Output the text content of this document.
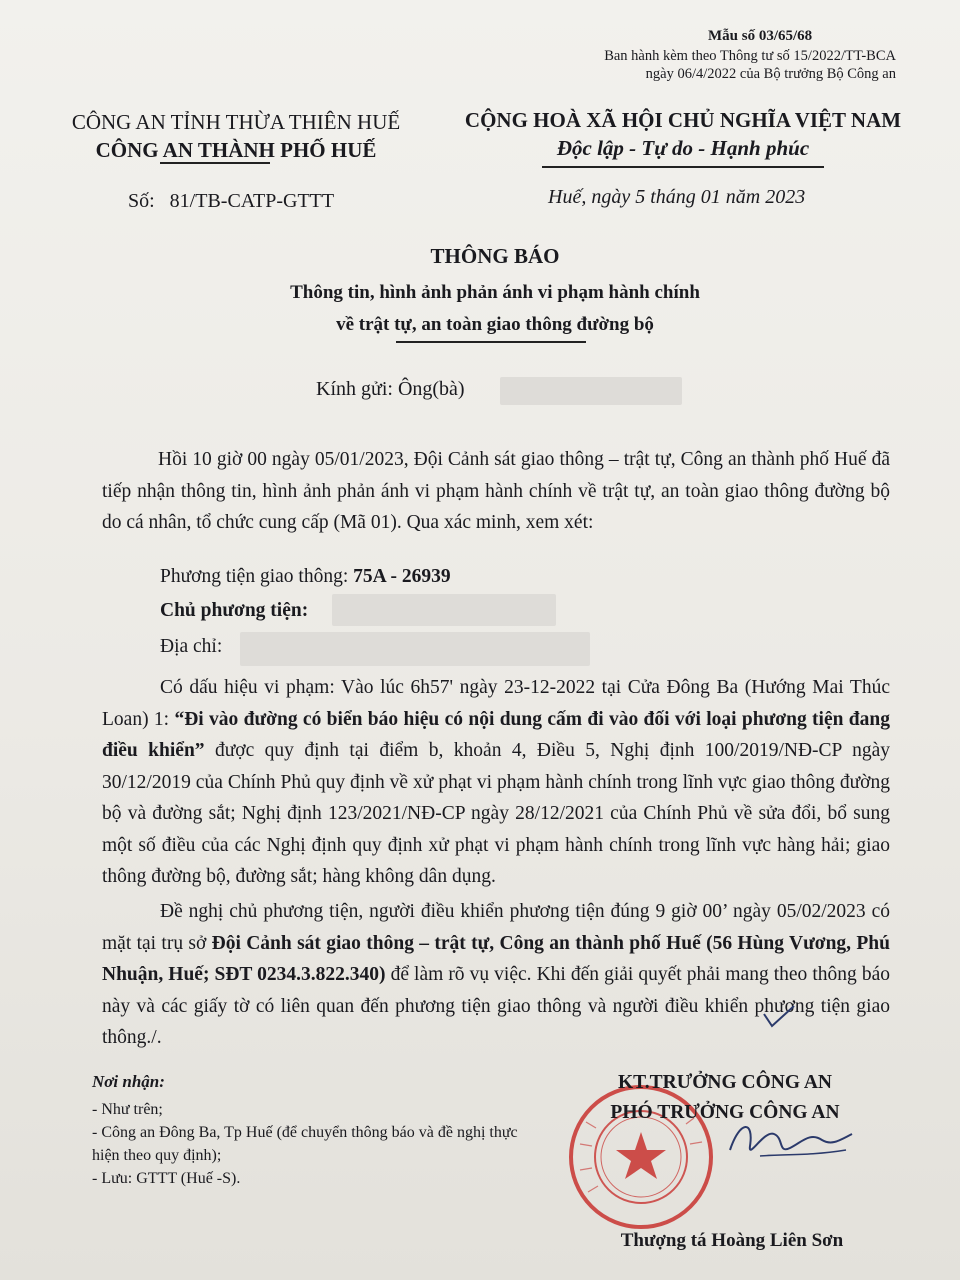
Mẫu số 03/65/68
Ban hành kèm theo Thông tư số 15/2022/TT-BCA
ngày 06/4/2022 của Bộ trưởng Bộ Công an
CÔNG AN TỈNH THỪA THIÊN HUẾ
CÔNG AN THÀNH PHỐ HUẾ
CỘNG HOÀ XÃ HỘI CHỦ NGHĨA VIỆT NAM
Độc lập - Tự do - Hạnh phúc
Số:   81/TB-CATP-GTTT	Huế, ngày 5 tháng 01 năm 2023
THÔNG BÁO
Thông tin, hình ảnh phản ánh vi phạm hành chính
về trật tự, an toàn giao thông đường bộ
Kính gửi: Ông(bà)
Hồi 10 giờ 00 ngày 05/01/2023, Đội Cảnh sát giao thông – trật tự, Công an thành phố Huế đã tiếp nhận thông tin, hình ảnh phản ánh vi phạm hành chính về trật tự, an toàn giao thông đường bộ do cá nhân, tổ chức cung cấp (Mã 01). Qua xác minh, xem xét:
Phương tiện giao thông: 75A - 26939
Chủ phương tiện:
Địa chỉ:
Có dấu hiệu vi phạm: Vào lúc 6h57' ngày 23-12-2022 tại Cửa Đông Ba (Hướng Mai Thúc Loan) 1: “Đi vào đường có biển báo hiệu có nội dung cấm đi vào đối với loại phương tiện đang điều khiển” được quy định tại điểm b, khoản 4, Điều 5, Nghị định 100/2019/NĐ-CP ngày 30/12/2019 của Chính Phủ quy định về xử phạt vi phạm hành chính trong lĩnh vực giao thông đường bộ và đường sắt; Nghị định 123/2021/NĐ-CP ngày 28/12/2021 của Chính Phủ về sửa đổi, bổ sung một số điều của các Nghị định quy định xử phạt vi phạm hành chính trong lĩnh vực hàng hải; giao thông đường bộ, đường sắt; hàng không dân dụng.
Đề nghị chủ phương tiện, người điều khiển phương tiện đúng 9 giờ 00’ ngày 05/02/2023 có mặt tại trụ sở Đội Cảnh sát giao thông – trật tự, Công an thành phố Huế (56 Hùng Vương, Phú Nhuận, Huế; SĐT 0234.3.822.340) để làm rõ vụ việc. Khi đến giải quyết phải mang theo thông báo này và các giấy tờ có liên quan đến phương tiện giao thông và người điều khiển phương tiện giao thông./.
Nơi nhận:
- Như trên;
- Công an Đông Ba, Tp Huế (để chuyển thông báo và đề nghị thực hiện theo quy định);
- Lưu: GTTT (Huế -S).
KT.TRƯỞNG CÔNG AN
PHÓ TRƯỞNG CÔNG AN
Thượng tá Hoàng Liên Sơn
